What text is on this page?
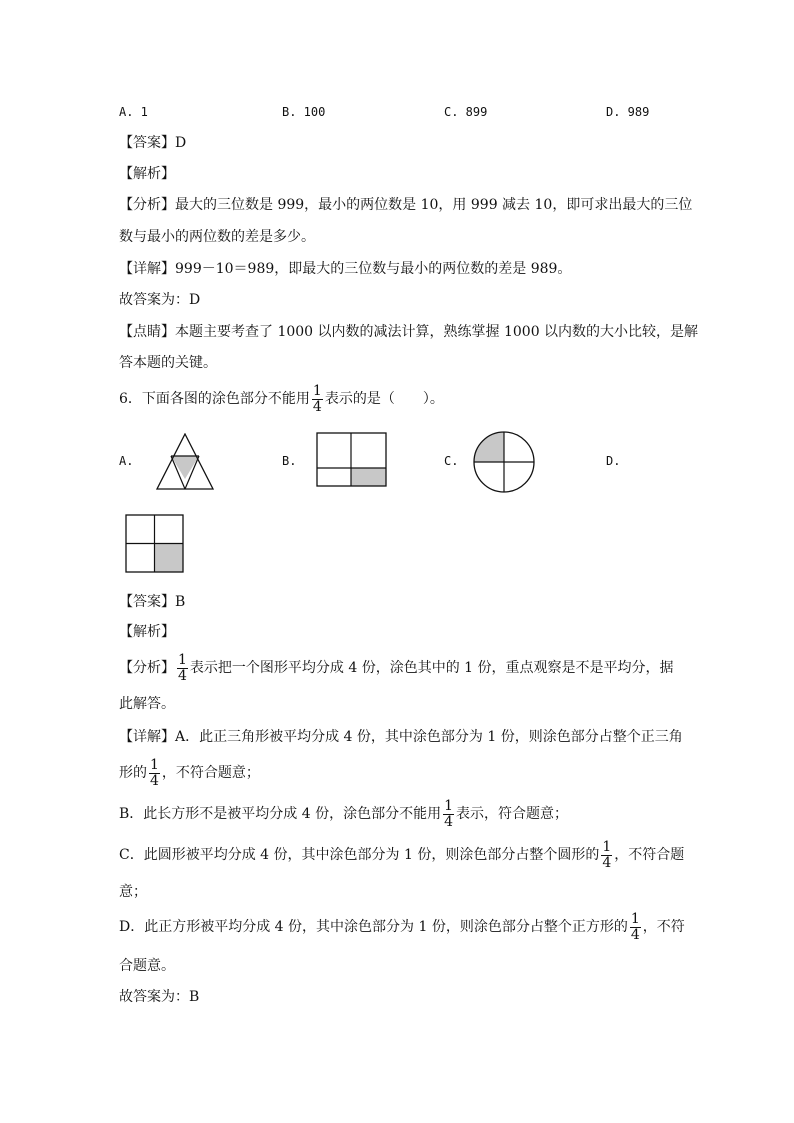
A. 1	B. 100	C. 899	D. 989
【答案】D
【解析】
【分析】最大的三位数是 999，最小的两位数是 10，用 999 减去 10，即可求出最大的三位
数与最小的两位数的差是多少。
【详解】999－10＝989，即最大的三位数与最小的两位数的差是 989。
故答案为：D
【点睛】本题主要考查了 1000 以内数的减法计算，熟练掌握 1000 以内数的大小比较，是解
答本题的关键。
6．下面各图的涂色部分不能用 $\frac{1}{4}$ 表示的是（　　）。
A.	B.	C.	D.
【答案】B
【解析】
【分析】 $\frac{1}{4}$ 表示把一个图形平均分成 4 份，涂色其中的 1 份，重点观察是不是平均分，据
此解答。
【详解】A．此正三角形被平均分成 4 份，其中涂色部分为 1 份，则涂色部分占整个正三角
形的 $\frac{1}{4}$ ，不符合题意；
B．此长方形不是被平均分成 4 份，涂色部分不能用 $\frac{1}{4}$ 表示，符合题意；
C．此圆形被平均分成 4 份，其中涂色部分为 1 份，则涂色部分占整个圆形的 $\frac{1}{4}$ ，不符合题
意；
D．此正方形被平均分成 4 份，其中涂色部分为 1 份，则涂色部分占整个正方形的 $\frac{1}{4}$ ，不符
合题意。
故答案为：B
